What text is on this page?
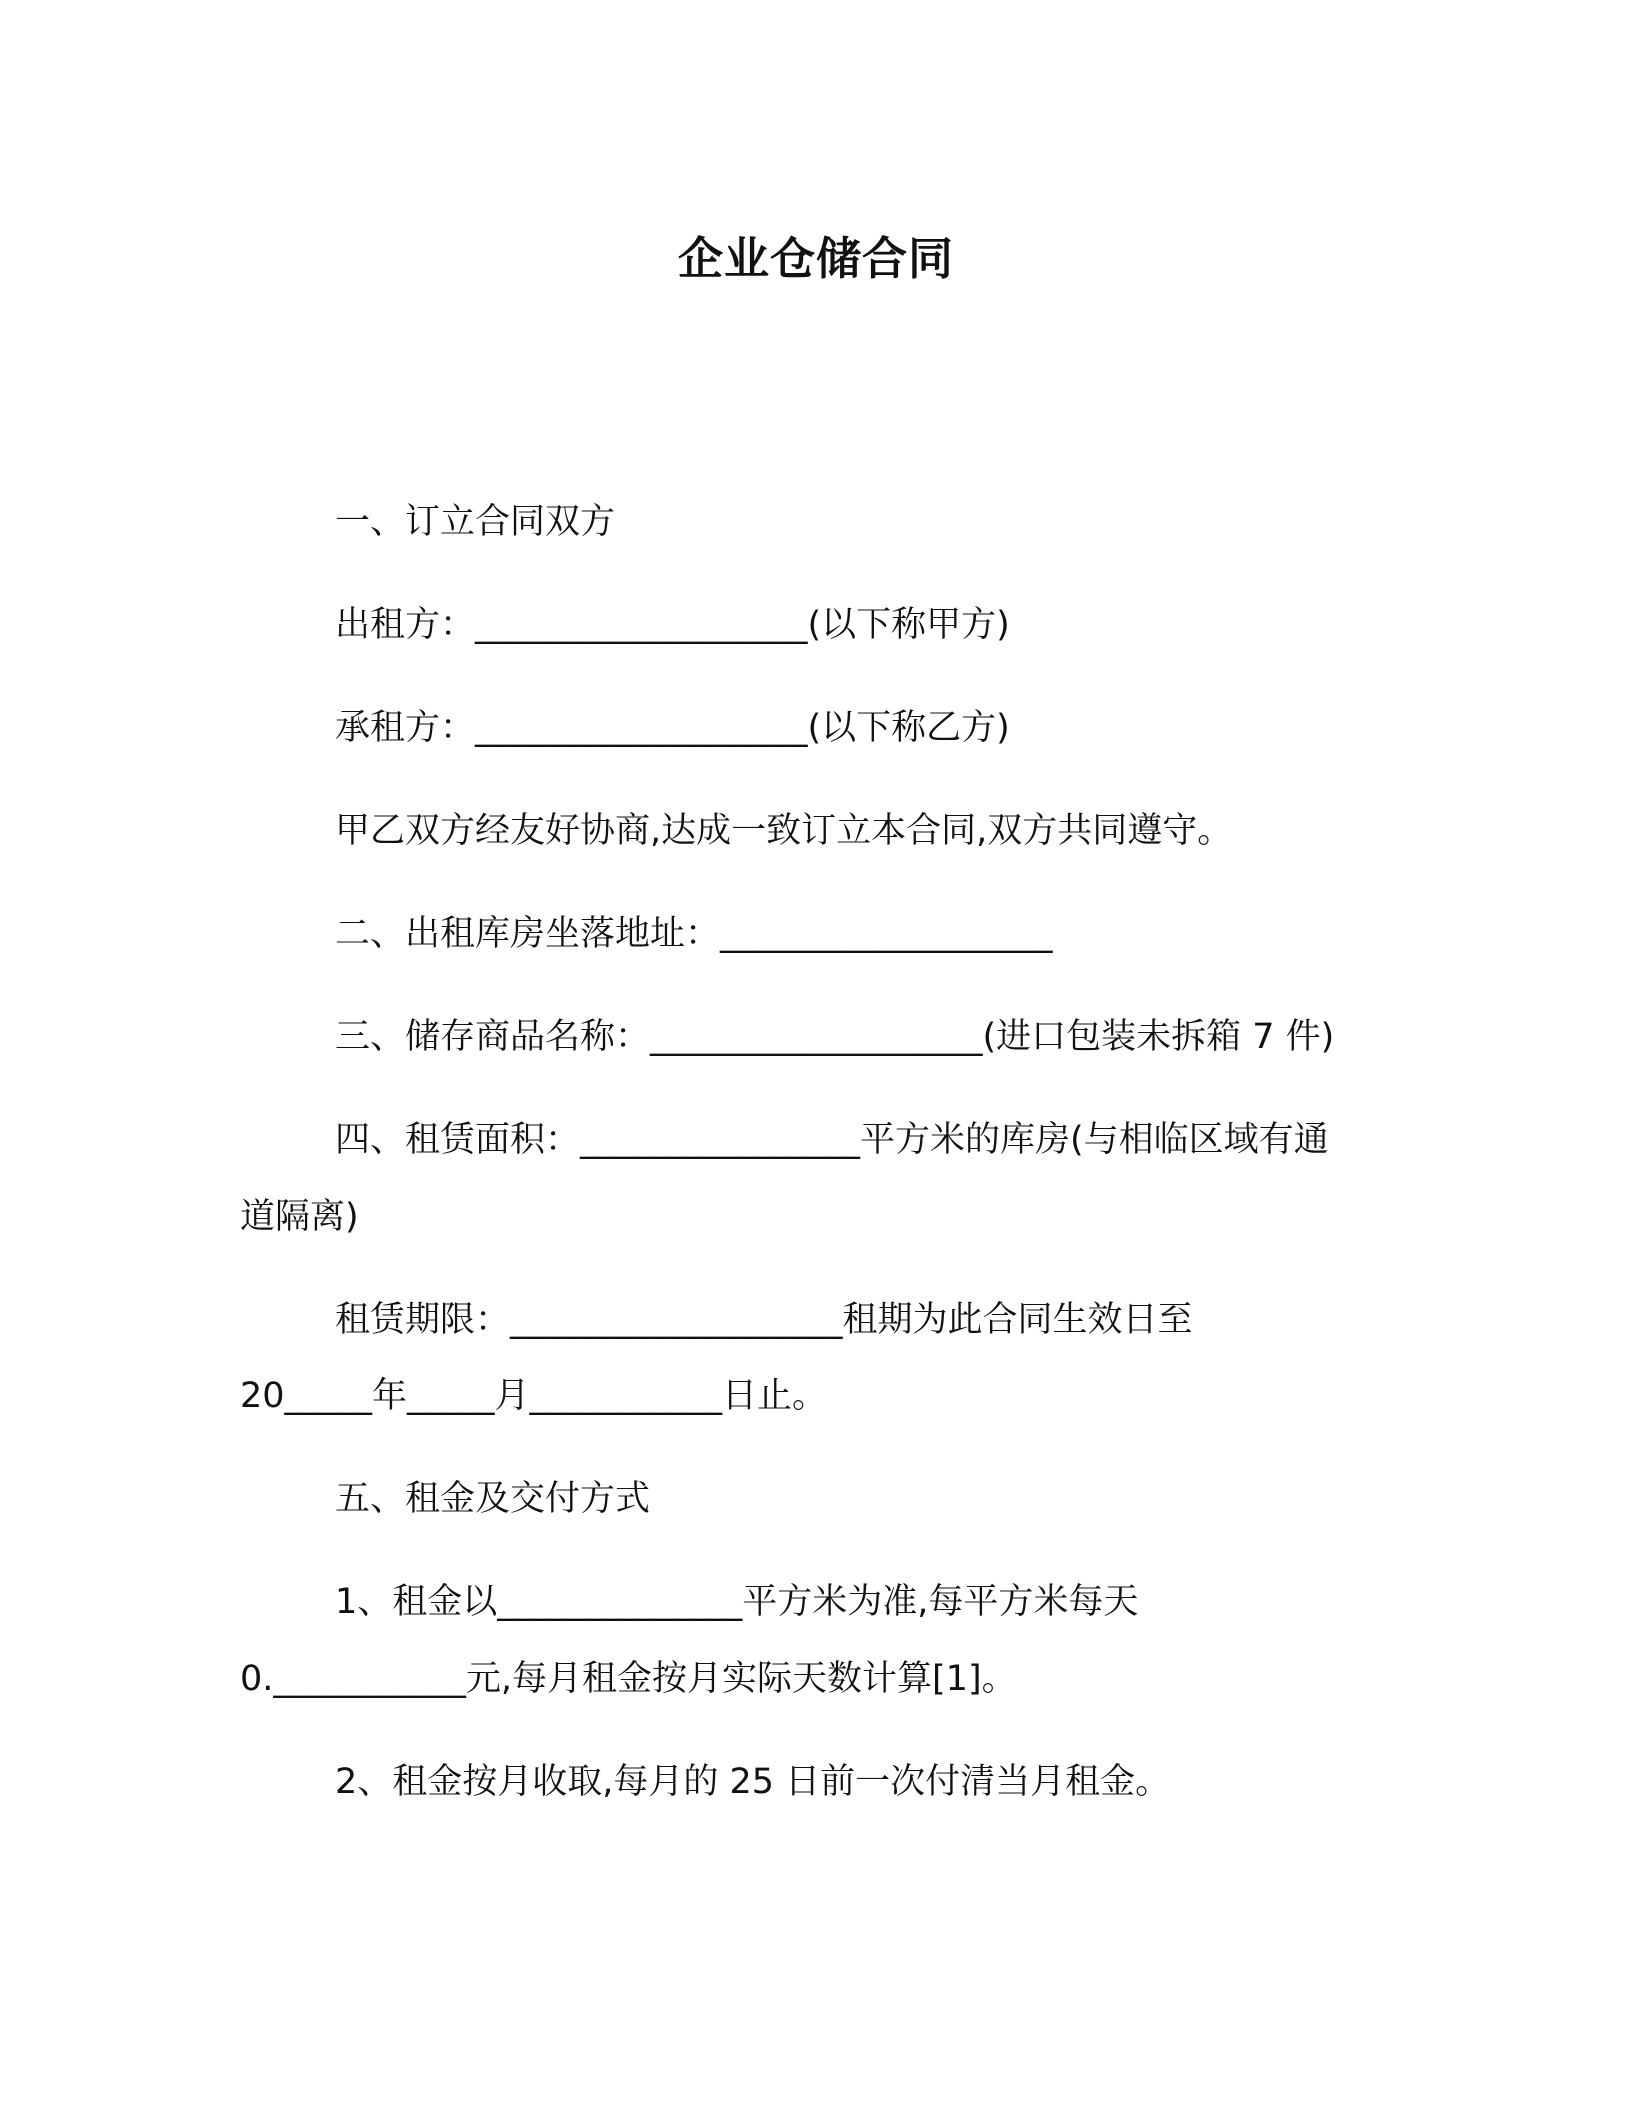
企业仓储合同
一、订立合同双方
出租方：___________________(以下称甲方)
承租方：___________________(以下称乙方)
甲乙双方经友好协商,达成一致订立本合同,双方共同遵守。
二、出租库房坐落地址：___________________
三、储存商品名称：___________________(进口包装未拆箱 7 件)
四、租赁面积：________________平方米的库房(与相临区域有通
道隔离)
租赁期限：___________________租期为此合同生效日至
20_____年_____月___________日止。
五、租金及交付方式
1、租金以______________平方米为准,每平方米每天
0.___________元,每月租金按月实际天数计算[1]。
2、租金按月收取,每月的 25 日前一次付清当月租金。
